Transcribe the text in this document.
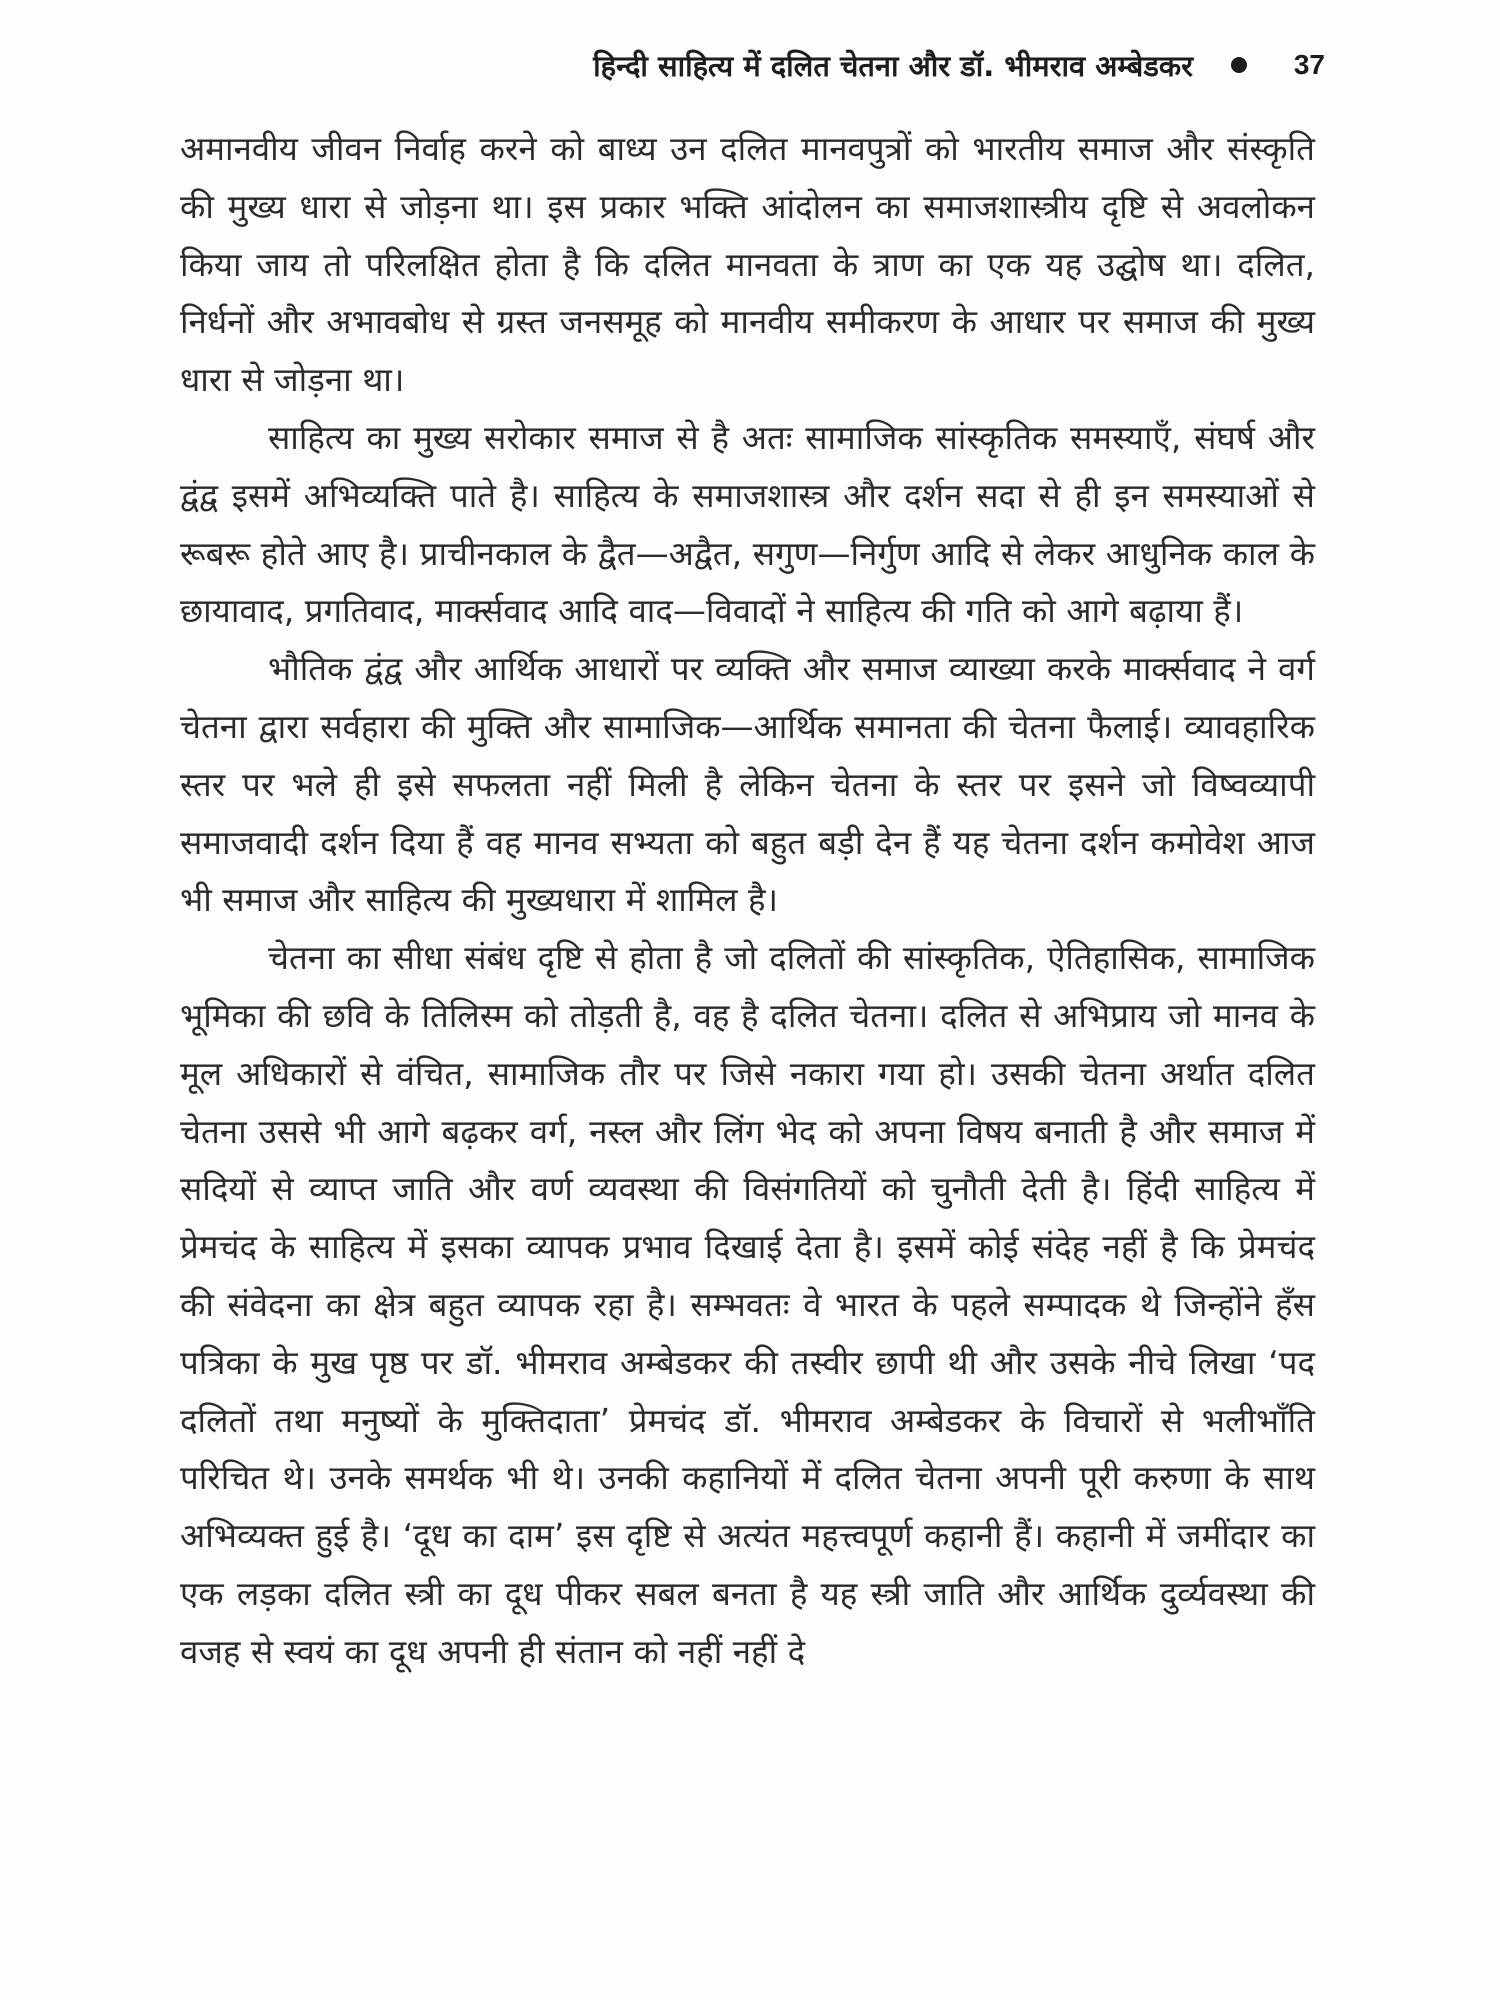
हिन्दी साहित्य में दलित चेतना और डॉ. भीमराव अम्बेडकर	37

अमानवीय जीवन निर्वाह करने को बाध्य उन दलित मानवपुत्रों को भारतीय समाज और संस्कृति की मुख्य धारा से जोड़ना था। इस प्रकार भक्ति आंदोलन का समाजशास्त्रीय दृष्टि से अवलोकन किया जाय तो परिलक्षित होता है कि दलित मानवता के त्राण का एक यह उद्घोष था। दलित, निर्धनों और अभावबोध से ग्रस्त जनसमूह को मानवीय समीकरण के आधार पर समाज की मुख्य धारा से जोड़ना था।

साहित्य का मुख्य सरोकार समाज से है अतः सामाजिक सांस्कृतिक समस्याएँ, संघर्ष और द्वंद्व इसमें अभिव्यक्ति पाते है। साहित्य के समाजशास्त्र और दर्शन सदा से ही इन समस्याओं से रूबरू होते आए है। प्राचीनकाल के द्वैत—अद्वैत, सगुण—निर्गुण आदि से लेकर आधुनिक काल के छायावाद, प्रगतिवाद, मार्क्सवाद आदि वाद—विवादों ने साहित्य की गति को आगे बढ़ाया हैं।

भौतिक द्वंद्व और आर्थिक आधारों पर व्यक्ति और समाज व्याख्या करके मार्क्सवाद ने वर्ग चेतना द्वारा सर्वहारा की मुक्ति और सामाजिक—आर्थिक समानता की चेतना फैलाई। व्यावहारिक स्तर पर भले ही इसे सफलता नहीं मिली है लेकिन चेतना के स्तर पर इसने जो विष्वव्यापी समाजवादी दर्शन दिया हैं वह मानव सभ्यता को बहुत बड़ी देन हैं यह चेतना दर्शन कमोवेश आज भी समाज और साहित्य की मुख्यधारा में शामिल है।

चेतना का सीधा संबंध दृष्टि से होता है जो दलितों की सांस्कृतिक, ऐतिहासिक, सामाजिक भूमिका की छवि के तिलिस्म को तोड़ती है, वह है दलित चेतना। दलित से अभिप्राय जो मानव के मूल अधिकारों से वंचित, सामाजिक तौर पर जिसे नकारा गया हो। उसकी चेतना अर्थात दलित चेतना उससे भी आगे बढ़कर वर्ग, नस्ल और लिंग भेद को अपना विषय बनाती है और समाज में सदियों से व्याप्त जाति और वर्ण व्यवस्था की विसंगतियों को चुनौती देती है। हिंदी साहित्य में प्रेमचंद के साहित्य में इसका व्यापक प्रभाव दिखाई देता है। इसमें कोई संदेह नहीं है कि प्रेमचंद की संवेदना का क्षेत्र बहुत व्यापक रहा है। सम्भवतः वे भारत के पहले सम्पादक थे जिन्होंने हँस पत्रिका के मुख पृष्ठ पर डॉ. भीमराव अम्बेडकर की तस्वीर छापी थी और उसके नीचे लिखा ‘पद दलितों तथा मनुष्यों के मुक्तिदाता’ प्रेमचंद डॉ. भीमराव अम्बेडकर के विचारों से भलीभाँति परिचित थे। उनके समर्थक भी थे। उनकी कहानियों में दलित चेतना अपनी पूरी करुणा के साथ अभिव्यक्त हुई है। ‘दूध का दाम’ इस दृष्टि से अत्यंत महत्त्वपूर्ण कहानी हैं। कहानी में जमींदार का एक लड़का दलित स्त्री का दूध पीकर सबल बनता है यह स्त्री जाति और आर्थिक दुर्व्यवस्था की वजह से स्वयं का दूध अपनी ही संतान को नहीं नहीं दे
